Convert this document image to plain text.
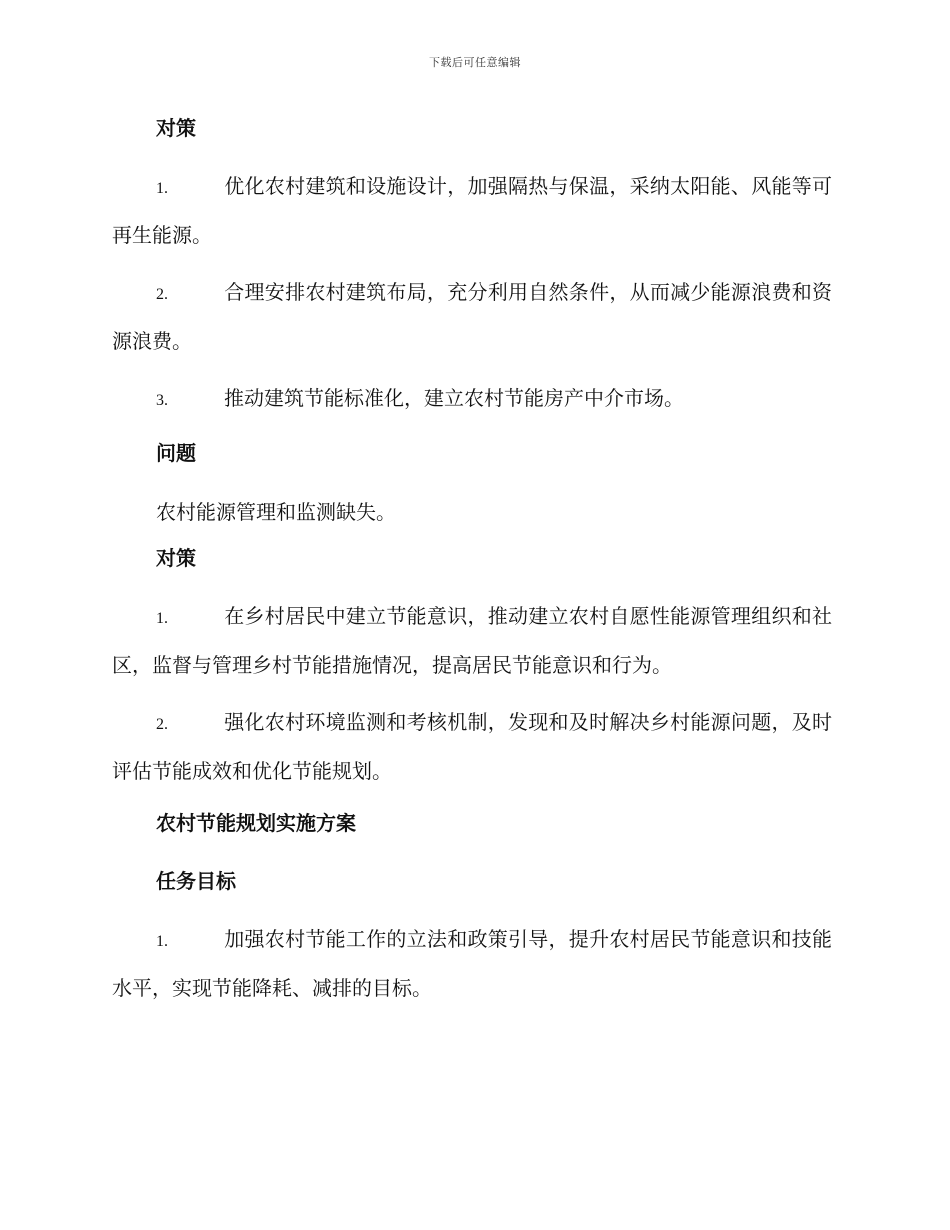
下载后可任意编辑
对策
1.	优化农村建筑和设施设计，加强隔热与保温，采纳太阳能、风能等可再生能源。
2.	合理安排农村建筑布局，充分利用自然条件，从而减少能源浪费和资源浪费。
3.	推动建筑节能标准化，建立农村节能房产中介市场。
问题
农村能源管理和监测缺失。
对策
1.	在乡村居民中建立节能意识，推动建立农村自愿性能源管理组织和社区，监督与管理乡村节能措施情况，提高居民节能意识和行为。
2.	强化农村环境监测和考核机制，发现和及时解决乡村能源问题，及时评估节能成效和优化节能规划。
农村节能规划实施方案
任务目标
1.	加强农村节能工作的立法和政策引导，提升农村居民节能意识和技能水平，实现节能降耗、减排的目标。
